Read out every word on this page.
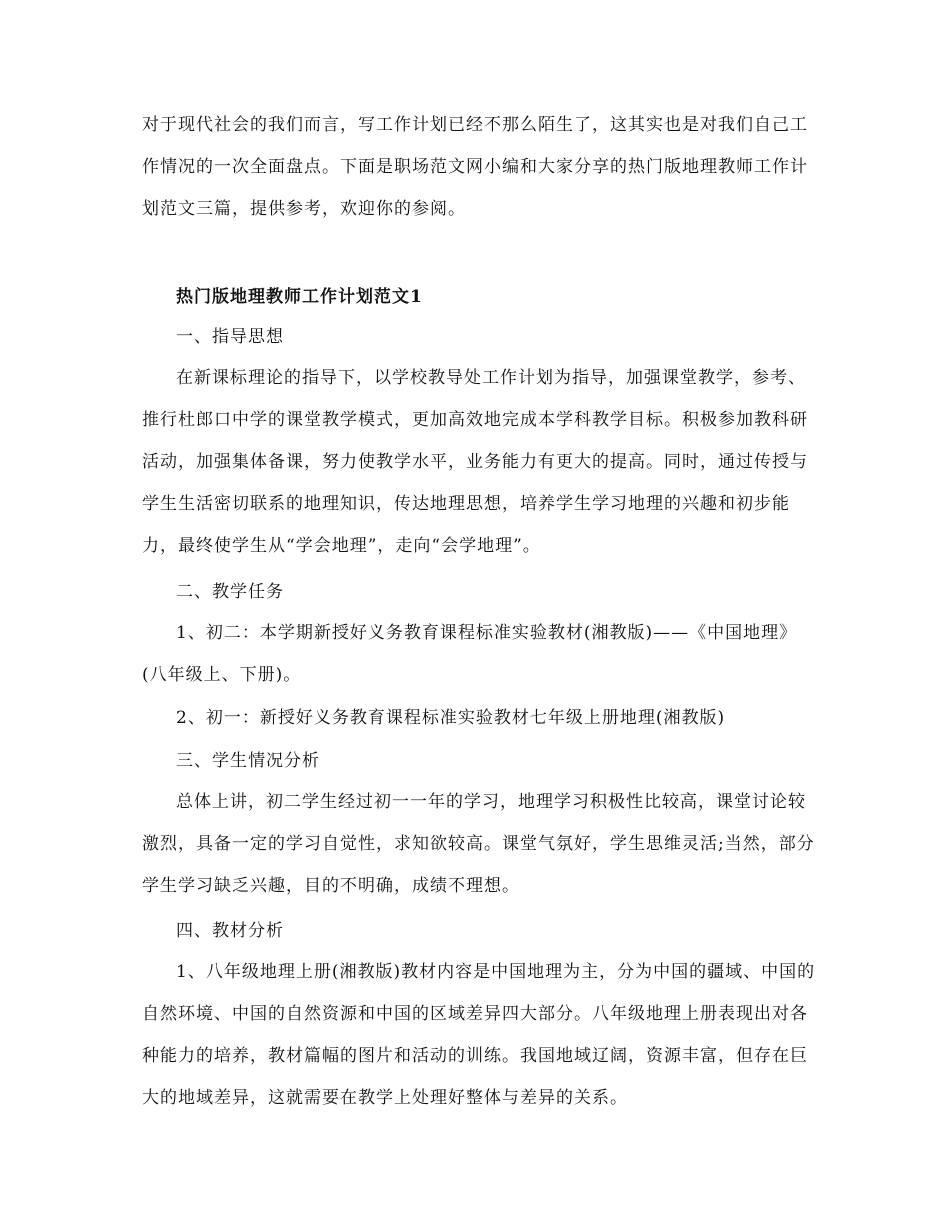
对于现代社会的我们而言，写工作计划已经不那么陌生了，这其实也是对我们自己工作情况的一次全面盘点。下面是职场范文网小编和大家分享的热门版地理教师工作计划范文三篇，提供参考，欢迎你的参阅。

热门版地理教师工作计划范文1

一、指导思想

在新课标理论的指导下，以学校教导处工作计划为指导，加强课堂教学，参考、推行杜郎口中学的课堂教学模式，更加高效地完成本学科教学目标。积极参加教科研活动，加强集体备课，努力使教学水平，业务能力有更大的提高。同时，通过传授与学生生活密切联系的地理知识，传达地理思想，培养学生学习地理的兴趣和初步能力，最终使学生从“学会地理”，走向“会学地理”。

二、教学任务

1、初二：本学期新授好义务教育课程标准实验教材(湘教版)——《中国地理》(八年级上、下册)。

2、初一：新授好义务教育课程标准实验教材七年级上册地理(湘教版)

三、学生情况分析

总体上讲，初二学生经过初一一年的学习，地理学习积极性比较高，课堂讨论较激烈，具备一定的学习自觉性，求知欲较高。课堂气氛好，学生思维灵活;当然，部分学生学习缺乏兴趣，目的不明确，成绩不理想。

四、教材分析

1、八年级地理上册(湘教版)教材内容是中国地理为主，分为中国的疆域、中国的自然环境、中国的自然资源和中国的区域差异四大部分。八年级地理上册表现出对各种能力的培养，教材篇幅的图片和活动的训练。我国地域辽阔，资源丰富，但存在巨大的地域差异，这就需要在教学上处理好整体与差异的关系。
